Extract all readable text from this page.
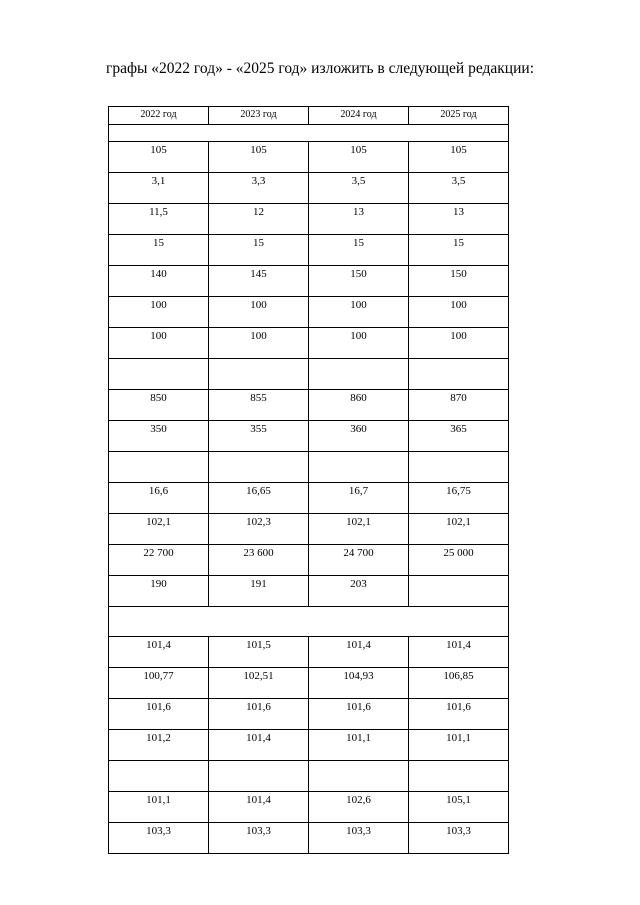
графы «2022 год» - «2025 год» изложить в следующей редакции:
2022 год	2023 год	2024 год	2025 год

105	105	105	105
3,1	3,3	3,5	3,5
11,5	12	13	13
15	15	15	15
140	145	150	150
100	100	100	100
100	100	100	100

850	855	860	870
350	355	360	365

16,6	16,65	16,7	16,75
102,1	102,3	102,1	102,1
22 700	23 600	24 700	25 000
190	191	203	

101,4	101,5	101,4	101,4
100,77	102,51	104,93	106,85
101,6	101,6	101,6	101,6
101,2	101,4	101,1	101,1

101,1	101,4	102,6	105,1
103,3	103,3	103,3	103,3
